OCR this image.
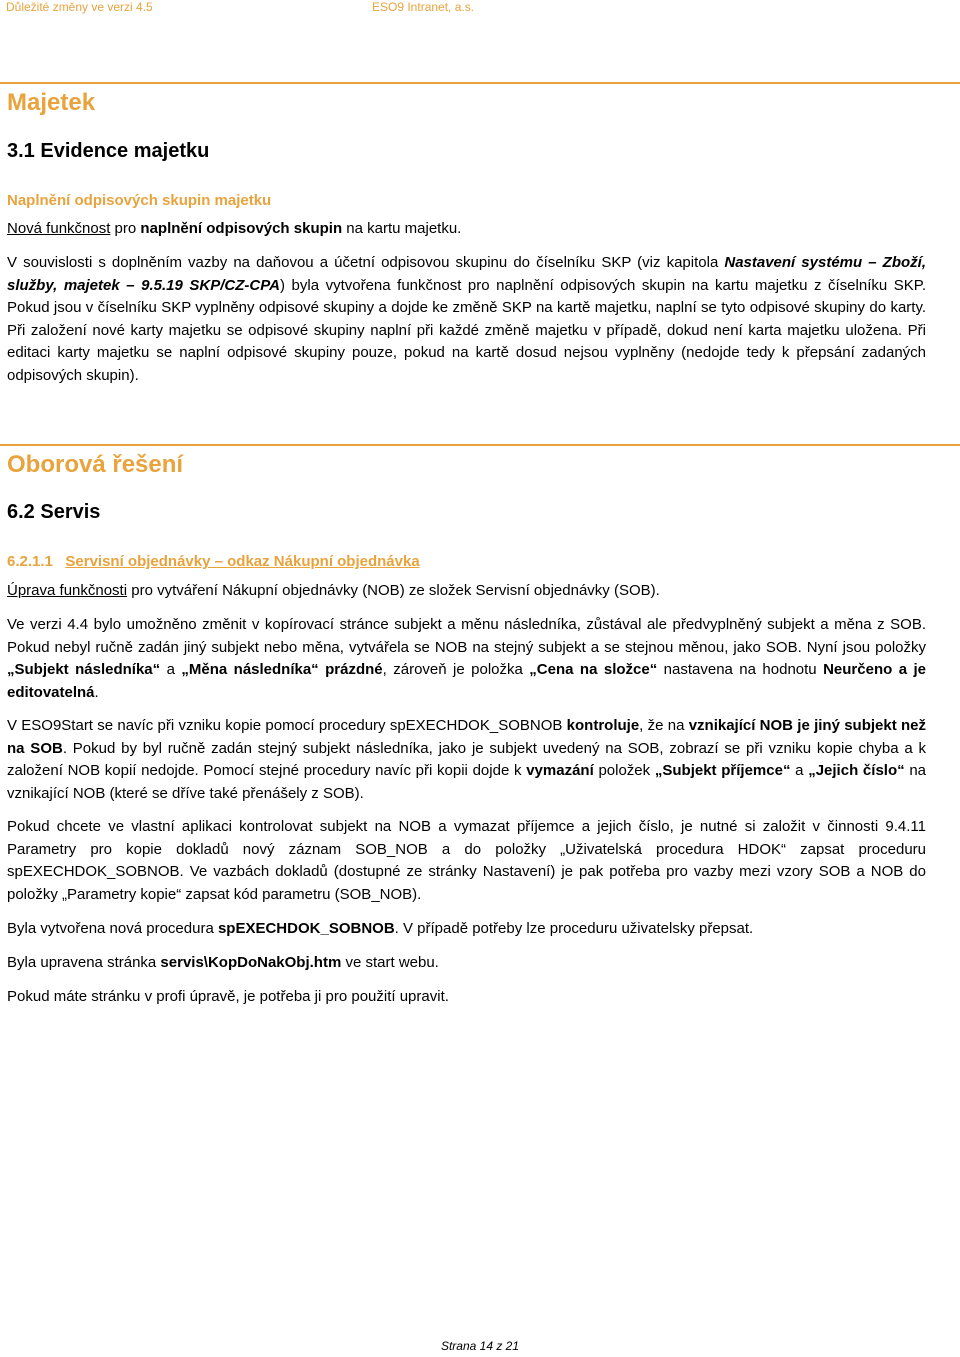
Důležité změny ve verzi 4.5	ESO9 Intranet, a.s.
Majetek
3.1 Evidence majetku
Naplnění odpisových skupin majetku
Nová funkčnost pro naplnění odpisových skupin na kartu majetku.
V souvislosti s doplněním vazby na daňovou a účetní odpisovou skupinu do číselníku SKP (viz kapitola Nastavení systému – Zboží, služby, majetek – 9.5.19 SKP/CZ-CPA) byla vytvořena funkčnost pro naplnění odpisových skupin na kartu majetku z číselníku SKP. Pokud jsou v číselníku SKP vyplněny odpisové skupiny a dojde ke změně SKP na kartě majetku, naplní se tyto odpisové skupiny do karty. Při založení nové karty majetku se odpisové skupiny naplní při každé změně majetku v případě, dokud není karta majetku uložena. Při editaci karty majetku se naplní odpisové skupiny pouze, pokud na kartě dosud nejsou vyplněny (nedojde tedy k přepsání zadaných odpisových skupin).
Oborová řešení
6.2 Servis
6.2.1.1 Servisní objednávky – odkaz Nákupní objednávka
Úprava funkčnosti pro vytváření Nákupní objednávky (NOB) ze složek Servisní objednávky (SOB).
Ve verzi 4.4 bylo umožněno změnit v kopírovací stránce subjekt a měnu následníka, zůstával ale předvyplněný subjekt a měna z SOB. Pokud nebyl ručně zadán jiný subjekt nebo měna, vytvářela se NOB na stejný subjekt a se stejnou měnou, jako SOB. Nyní jsou položky „Subjekt následníka“ a „Měna následníka“ prázdné, zároveň je položka „Cena na složce“ nastavena na hodnotu Neurčeno a je editovatelná.
V ESO9Start se navíc při vzniku kopie pomocí procedury spEXECHDOK_SOBNOB kontroluje, že na vznikající NOB je jiný subjekt než na SOB. Pokud by byl ručně zadán stejný subjekt následníka, jako je subjekt uvedený na SOB, zobrazí se při vzniku kopie chyba a k založení NOB kopií nedojde. Pomocí stejné procedury navíc při kopii dojde k vymazání položek „Subjekt příjemce“ a „Jejich číslo“ na vznikající NOB (které se dříve také přenášely z SOB).
Pokud chcete ve vlastní aplikaci kontrolovat subjekt na NOB a vymazat příjemce a jejich číslo, je nutné si založit v činnosti 9.4.11 Parametry pro kopie dokladů nový záznam SOB_NOB a do položky „Uživatelská procedura HDOK“ zapsat proceduru spEXECHDOK_SOBNOB. Ve vazbách dokladů (dostupné ze stránky Nastavení) je pak potřeba pro vazby mezi vzory SOB a NOB do položky „Parametry kopie“ zapsat kód parametru (SOB_NOB).
Byla vytvořena nová procedura spEXECHDOK_SOBNOB. V případě potřeby lze proceduru uživatelsky přepsat.
Byla upravena stránka servis\KopDoNakObj.htm ve start webu.
Pokud máte stránku v profi úpravě, je potřeba ji pro použití upravit.
Strana 14 z 21
